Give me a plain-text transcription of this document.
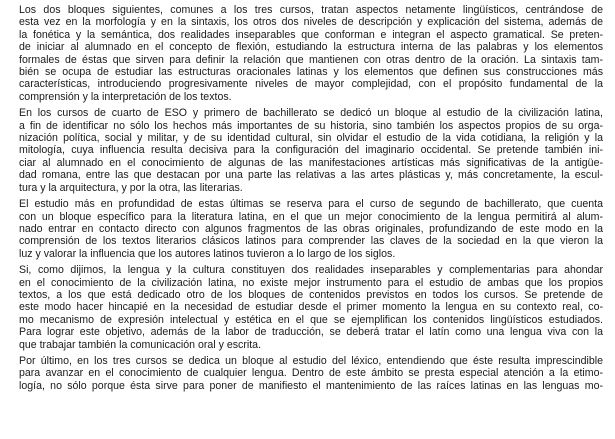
Los dos bloques siguientes, comunes a los tres cursos, tratan aspectos netamente lingüísticos, centrándose de
esta vez en la morfología y en la sintaxis, los otros dos niveles de descripción y explicación del sistema, además de
la fonética y la semántica, dos realidades inseparables que conforman e integran el aspecto gramatical. Se preten-
de iniciar al alumnado en el concepto de flexión, estudiando la estructura interna de las palabras y los elementos
formales de éstas que sirven para definir la relación que mantienen con otras dentro de la oración. La sintaxis tam-
bién se ocupa de estudiar las estructuras oracionales latinas y los elementos que definen sus construcciones más
características, introduciendo progresivamente niveles de mayor complejidad, con el propósito fundamental de la
comprensión y la interpretación de los textos.

En los cursos de cuarto de ESO y primero de bachillerato se dedicó un bloque al estudio de la civilización latina,
a fin de identificar no sólo los hechos más importantes de su historia, sino también los aspectos propios de su orga-
nización política, social y militar, y de su identidad cultural, sin olvidar el estudio de la vida cotidiana, la religión y la
mitología, cuya influencia resulta decisiva para la configuración del imaginario occidental. Se pretende también ini-
ciar al alumnado en el conocimiento de algunas de las manifestaciones artísticas más significativas de la antigüe-
dad romana, entre las que destacan por una parte las relativas a las artes plásticas y, más concretamente, la escul-
tura y la arquitectura, y por la otra, las literarias.

El estudio más en profundidad de estas últimas se reserva para el curso de segundo de bachillerato, que cuenta
con un bloque específico para la literatura latina, en el que un mejor conocimiento de la lengua permitirá al alum-
nado entrar en contacto directo con algunos fragmentos de las obras originales, profundizando de este modo en la
comprensión de los textos literarios clásicos latinos para comprender las claves de la sociedad en la que vieron la
luz y valorar la influencia que los autores latinos tuvieron a lo largo de los siglos.

Si, como dijimos, la lengua y la cultura constituyen dos realidades inseparables y complementarias para ahondar
en el conocimiento de la civilización latina, no existe mejor instrumento para el estudio de ambas que los propios
textos, a los que está dedicado otro de los bloques de contenidos previstos en todos los cursos. Se pretende de
este modo hacer hincapié en la necesidad de estudiar desde el primer momento la lengua en su contexto real, co-
mo mecanismo de expresión intelectual y estética en el que se ejemplifican los contenidos lingüísticos estudiados.
Para lograr este objetivo, además de la labor de traducción, se deberá tratar el latín como una lengua viva con la
que trabajar también la comunicación oral y escrita.

Por último, en los tres cursos se dedica un bloque al estudio del léxico, entendiendo que éste resulta imprescindible
para avanzar en el conocimiento de cualquier lengua. Dentro de este ámbito se presta especial atención a la etimo-
logía, no sólo porque ésta sirve para poner de manifiesto el mantenimiento de las raíces latinas en las lenguas mo-
